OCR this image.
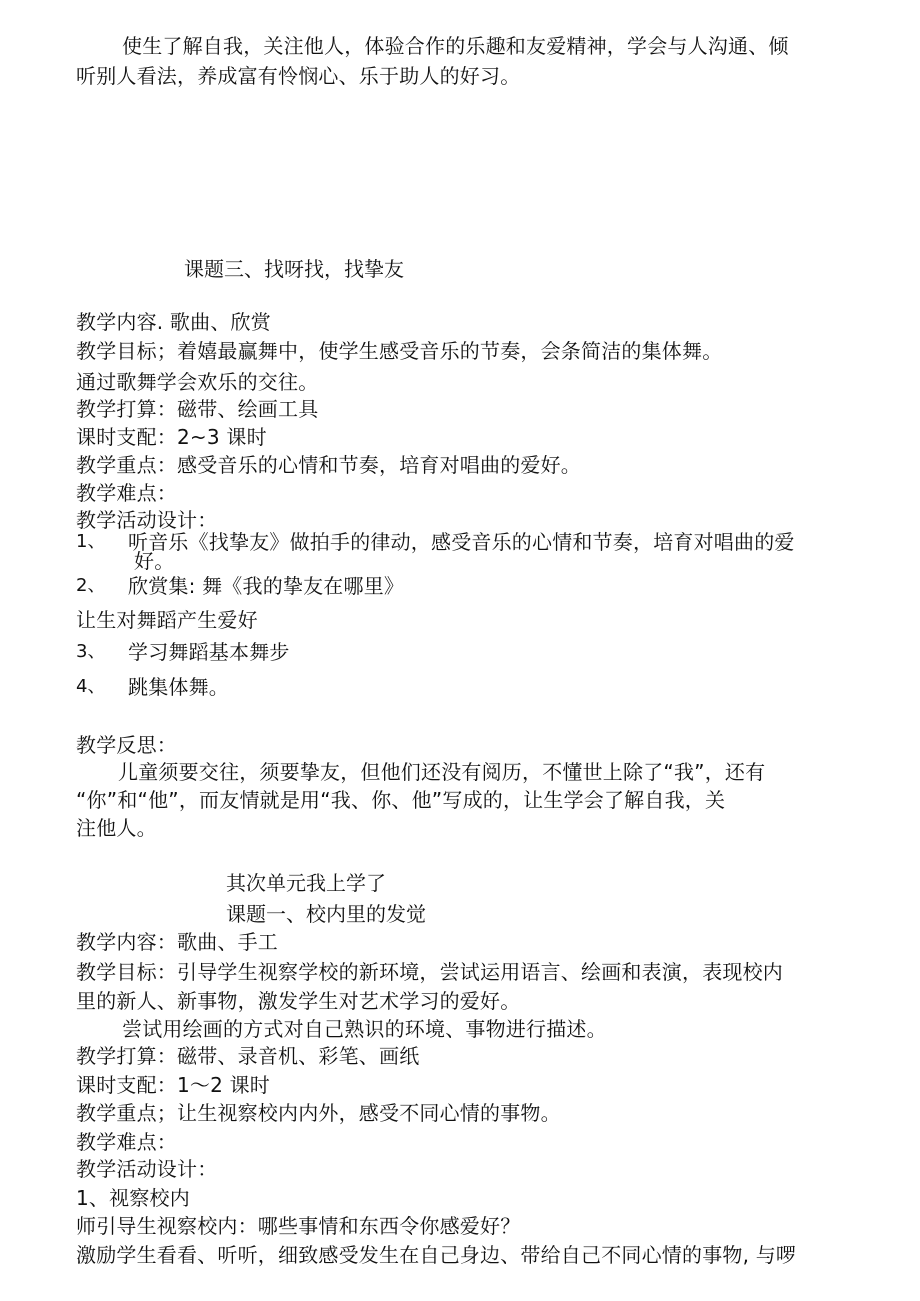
使生了解自我，关注他人，体验合作的乐趣和友爱精神，学会与人沟通、倾
听别人看法，养成富有怜悯心、乐于助人的好习。
课题三、找呀找，找挚友
教学内容. 歌曲、欣赏
教学目标；着嬉最赢舞中，使学生感受音乐的节奏，会条简洁的集体舞。
通过歌舞学会欢乐的交往。
教学打算：磁带、绘画工具
课时支配：2~3 课时
教学重点：感受音乐的心情和节奏，培育对唱曲的爱好。
教学难点：
教学活动设计：
1、 听音乐《找挚友》做拍手的律动，感受音乐的心情和节奏，培育对唱曲的爱
好。
2、 欣赏集: 舞《我的挚友在哪里》
让生对舞蹈产生爱好
3、 学习舞蹈基本舞步
4、 跳集体舞。
教学反思：
儿童须要交往，须要挚友，但他们还没有阅历，不懂世上除了“我”，还有
“你”和“他”，而友情就是用“我、你、他”写成的，让生学会了解自我，关
注他人。
其次单元我上学了
课题一、校内里的发觉
教学内容：歌曲、手工
教学目标：引导学生视察学校的新环境，尝试运用语言、绘画和表演，表现校内
里的新人、新事物，激发学生对艺术学习的爱好。
尝试用绘画的方式对自己熟识的环境、事物进行描述。
教学打算：磁带、录音机、彩笔、画纸
课时支配：1～2 课时
教学重点；让生视察校内内外，感受不同心情的事物。
教学难点：
教学活动设计：
1、视察校内
师引导生视察校内：哪些事情和东西令你感爱好？
激励学生看看、听听，细致感受发生在自己身边、带给自己不同心情的事物, 与啰
